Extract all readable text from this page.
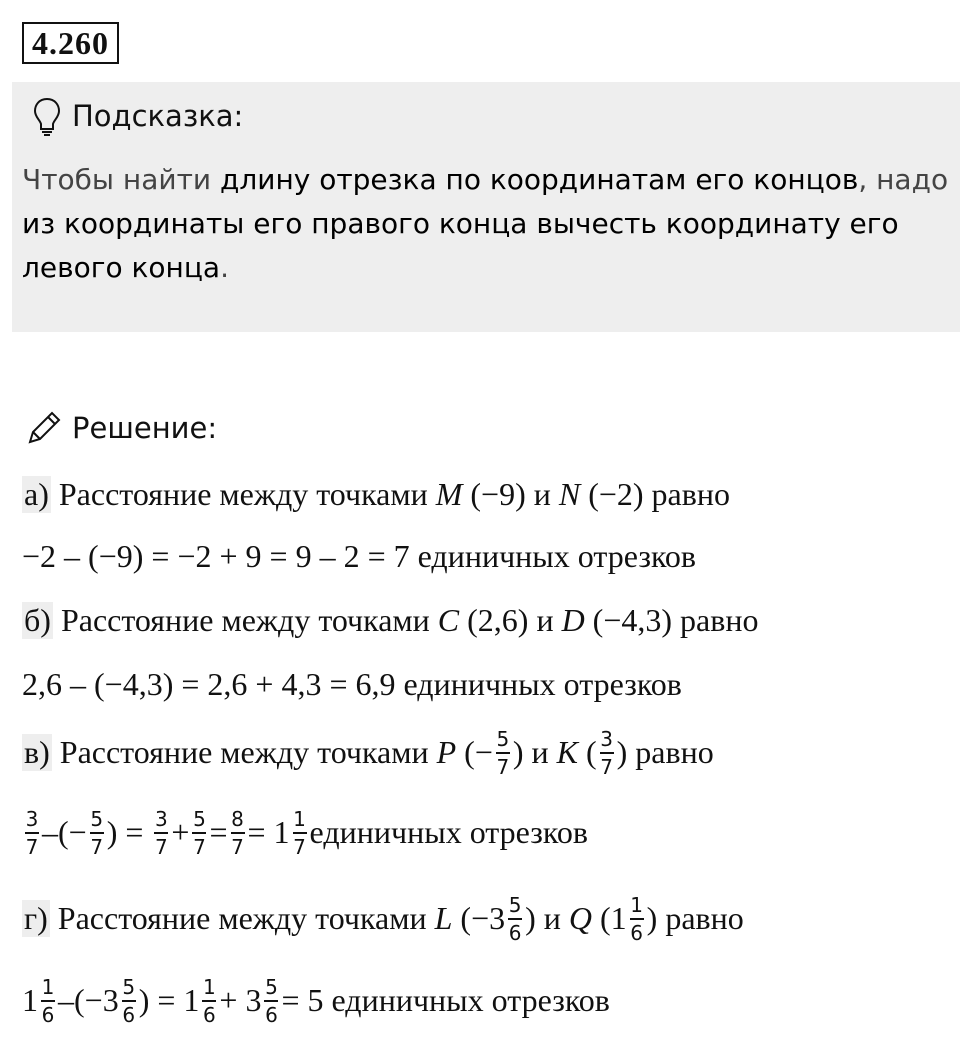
4.260
Подсказка:
Чтобы найти длину отрезка по координатам его концов, надо из координаты его правого конца вычесть координату его левого конца.
Решение:
а) Расстояние между точками M (−9) и N (−2) равно
−2 – (−9) = −2 + 9 = 9 – 2 = 7 единичных отрезков
б) Расстояние между точками C (2,6) и D (−4,3) равно
2,6 – (−4,3) = 2,6 + 4,3 = 6,9 единичных отрезков
в) Расстояние между точками P (− $\frac{5}{7}$ ) и K ( $\frac{3}{7}$ ) равно
$\frac{3}{7}$ – (− $\frac{5}{7}$ ) = $\frac{3}{7} + \frac{5}{7} = \frac{8}{7} = 1 \frac{1}{7}$ единичных отрезков
г) Расстояние между точками L ($-3 \frac{5}{6}$ ) и Q ($1 \frac{1}{6}$ ) равно
$1 \frac{1}{6} - (-3 \frac{5}{6}$ ) = $1 \frac{1}{6} + 3 \frac{5}{6} = 5$ единичных отрезков
